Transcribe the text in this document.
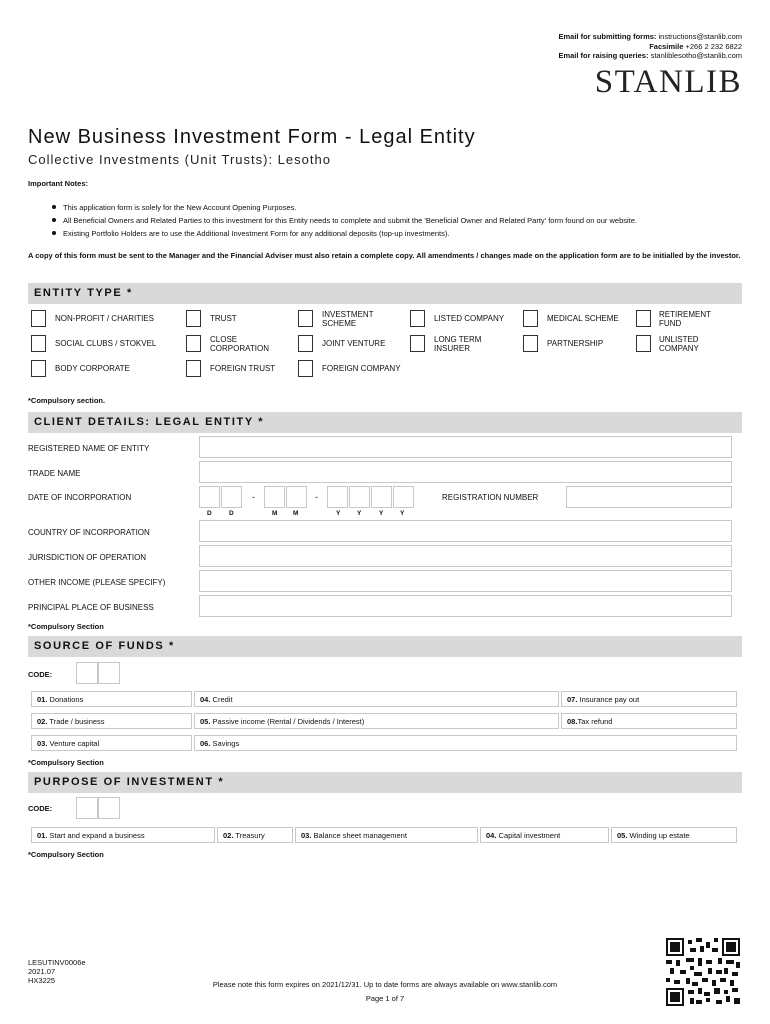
Email for submitting forms: instructions@stanlib.com
Facsimile +266 2 232 6822
Email for raising queries: stanliblesotho@stanlib.com
STANLIB
New Business Investment Form - Legal Entity
Collective Investments (Unit Trusts): Lesotho
Important Notes:
This application form is solely for the New Account Opening Purposes.
All Beneficial Owners and Related Parties to this investment for this Entity needs to complete and submit the 'Beneficial Owner and Related Party' form found on our website.
Existing Portfolio Holders are to use the Additional Investment Form for any additional deposits (top-up investments).
A copy of this form must be sent to the Manager and the Financial Adviser must also retain a complete copy. All amendments / changes made on the application form are to be initialled by the investor.
ENTITY TYPE *
NON-PROFIT / CHARITIES	TRUST	INVESTMENT SCHEME	LISTED COMPANY	MEDICAL SCHEME	RETIREMENT FUND
SOCIAL CLUBS / STOKVEL	CLOSE CORPORATION	JOINT VENTURE	LONG TERM INSURER	PARTNERSHIP	UNLISTED COMPANY
BODY CORPORATE	FOREIGN TRUST	FOREIGN COMPANY
*Compulsory section.
CLIENT DETAILS: LEGAL ENTITY *
REGISTERED NAME OF ENTITY
TRADE NAME
DATE OF INCORPORATION	-	-
D	D	M M	Y	Y	Y	Y
REGISTRATION NUMBER
COUNTRY OF INCORPORATION
JURISDICTION OF OPERATION
OTHER INCOME (PLEASE SPECIFY)
PRINCIPAL PLACE OF BUSINESS
*Compulsory Section
SOURCE OF FUNDS *
CODE:
01. Donations	04. Credit	07. Insurance pay out
02. Trade / business	05. Passive income (Rental / Dividends / Interest)	08.Tax refund
03. Venture capital	06. Savings
*Compulsory Section
PURPOSE OF INVESTMENT *
CODE:
01. Start and expand a business	02. Treasury	03. Balance sheet management	04. Capital investment	05. Winding up estate
*Compulsory Section
LESUTINV0006e
2021.07
HX3225	Please note this form expires on 2021/12/31. Up to date forms are always available on www.stanlib.com
Page 1 of 7
